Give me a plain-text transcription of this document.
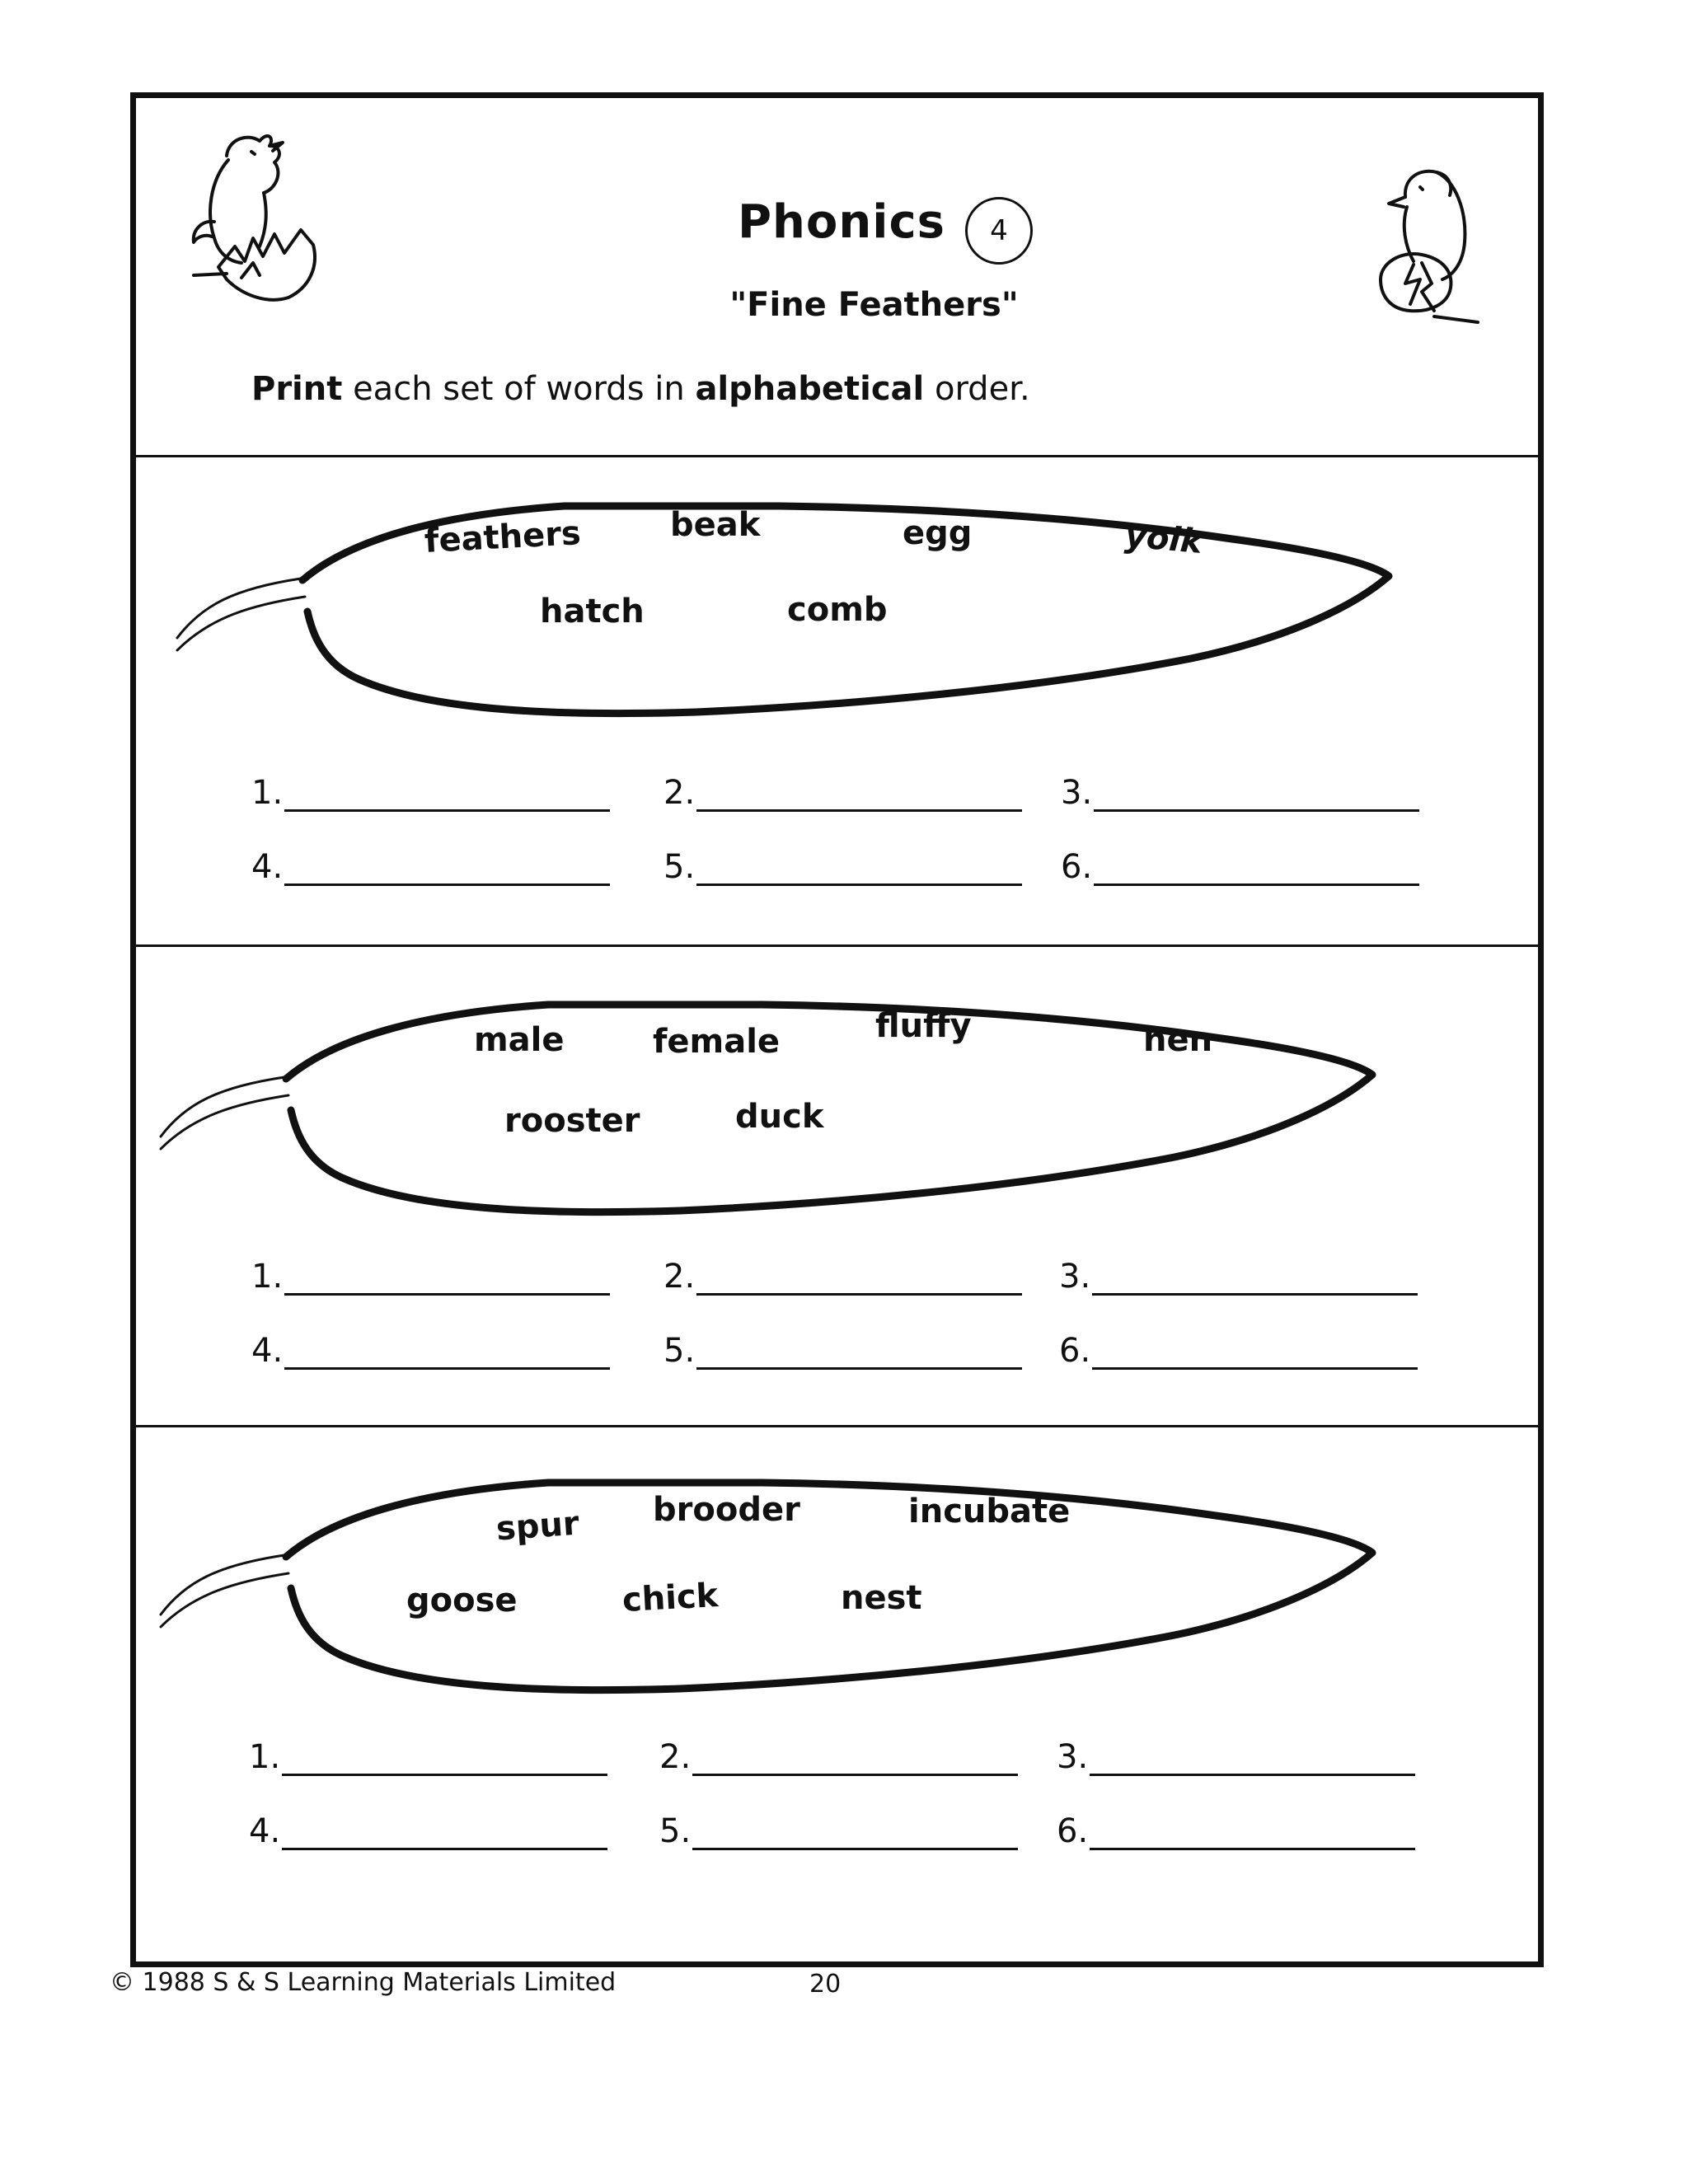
Phonics	4
"Fine Feathers"
Print each set of words in alphabetical order.
feathers	beak	egg	yolk
hatch	comb
1.	2.	3.
4.	5.	6.
male	female	fluffy	hen
rooster	duck
1.	2.	3.
4.	5.	6.
spur brooder	incubate
goose	chick	nest
1.	2.	3.
4.	5.	6.
© 1988 S & S Learning Materials Limited	20
